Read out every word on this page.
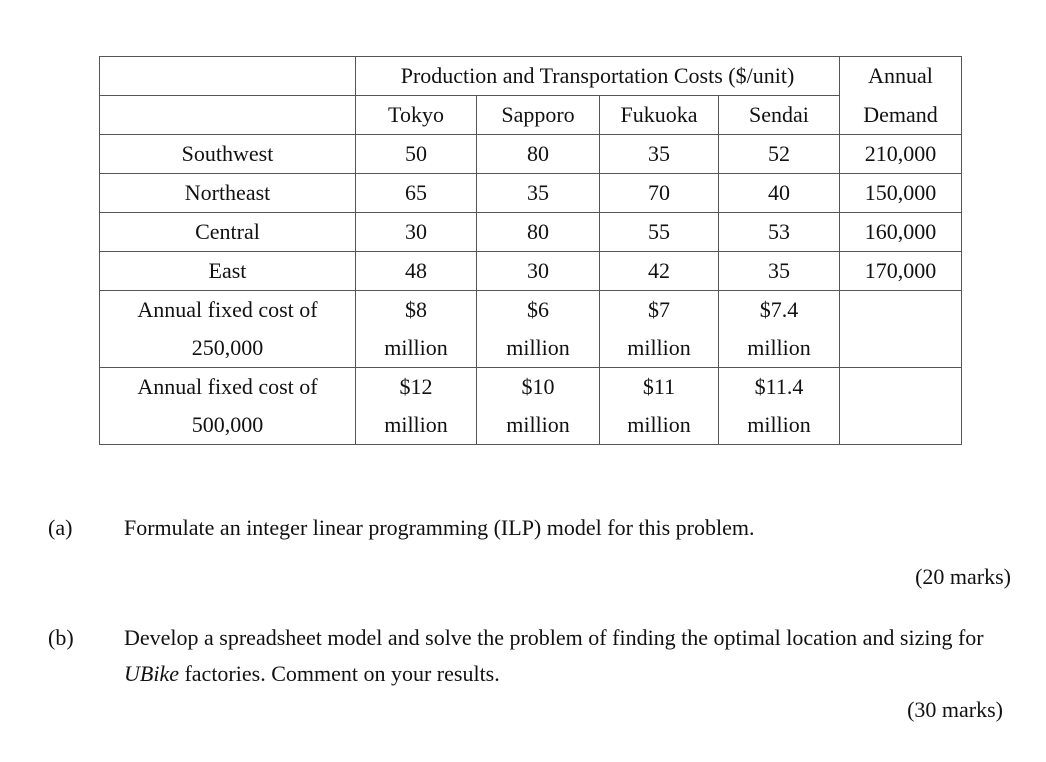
	Production and Transportation Costs ($/unit)				Annual
	Tokyo	Sapporo	Fukuoka	Sendai	Demand
Southwest	50	80	35	52	210,000
Northeast	65	35	70	40	150,000
Central	30	80	55	53	160,000
East	48	30	42	35	170,000
Annual fixed cost of	$8	$6	$7	$7.4	
250,000	million	million	million	million	
Annual fixed cost of	$12	$10	$11	$11.4	
500,000	million	million	million	million	
(a) Formulate an integer linear programming (ILP) model for this problem.
(20 marks)
(b) Develop a spreadsheet model and solve the problem of finding the optimal location and sizing for UBike factories. Comment on your results.
(30 marks)
